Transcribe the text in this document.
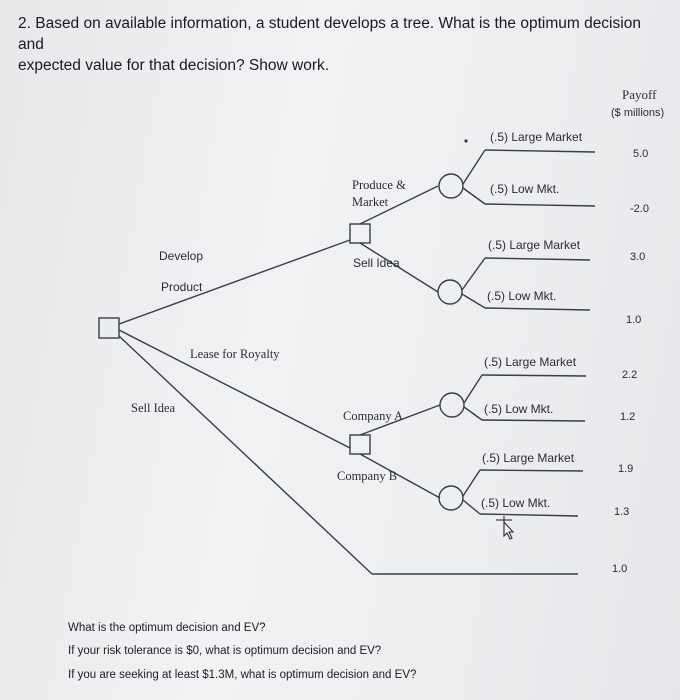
2. Based on available information, a student develops a tree. What is the optimum decision and
expected value for that decision? Show work.
Payoff
($ millions)
Develop
Product
Lease for Royalty
Sell Idea
Produce &
Market
Sell Idea
Company A
Company B
(.5) Large Market
(.5) Low Mkt.
(.5) Large Market
(.5) Low Mkt.
(.5) Large Market
(.5) Low Mkt.
(.5) Large Market
(.5) Low Mkt.
5.0
-2.0
3.0
1.0
2.2
1.2
1.9
1.3
1.0
What is the optimum decision and EV?
If your risk tolerance is $0, what is optimum decision and EV?
If you are seeking at least $1.3M, what is optimum decision and EV?
